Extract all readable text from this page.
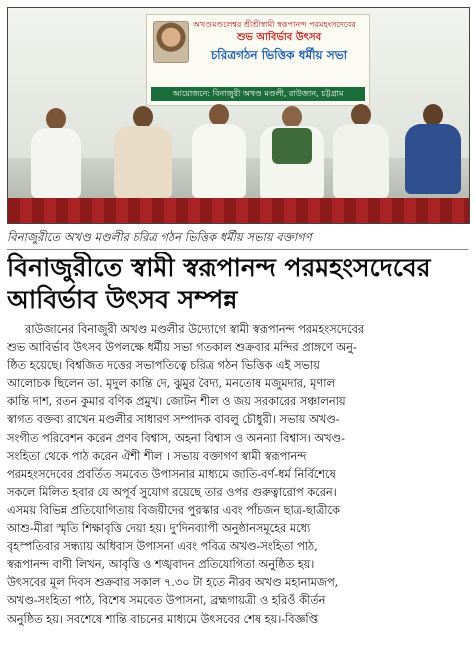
অখণ্ডমণ্ডলেশ্বর শ্রীশ্রীস্বামী স্বরূপানন্দ পরমহংসদেবের
শুভ আবির্ভাব উৎসব
চরিত্রগঠন ভিত্তিক ধর্মীয় সভা
আয়োজনে: বিনাজুরী অখণ্ড মণ্ডলী, রাউজান, চট্টগ্রাম
বিনাজুরীতে অখণ্ড মণ্ডলীর চরিত্র গঠন ভিত্তিক ধর্মীয় সভায় বক্তাগণ
বিনাজুরীতে স্বামী স্বরূপানন্দ পরমহংসদেবের
আবির্ভাব উৎসব সম্পন্ন
রাউজানের বিনাজুরী অখণ্ড মণ্ডলীর উদ্যোগে স্বামী স্বরূপানন্দ পরমহংসদেবের
শুভ আবির্ভাব উৎসব উপলক্ষে ধর্মীয় সভা গতকাল শুক্রবার মন্দির প্রাঙ্গণে অনু-
ষ্ঠিত হয়েছে। বিশ্বজিত দত্তের সভাপতিত্বে চরিত্র গঠন ভিত্তিক এই সভায়
আলোচক ছিলেন ডা. মৃদুল কান্তি দে, ঝুমুর বৈদ্য, মনতোষ মজুমদার, মৃণাল
কান্তি দাশ, রতন কুমার বণিক প্রমুখ। জোটন শীল ও জয় সরকারের সঞ্চালনায়
স্বাগত বক্তব্য রাখেন মণ্ডলীর সাধারণ সম্পাদক বাবলু চৌধুরী। সভায় অখণ্ড-
সংগীত পরিবেশন করেন প্রণব বিশ্বাস, অহনা বিশ্বাস ও অনন্যা বিশ্বাস। অখণ্ড-
সংহিতা থেকে পাঠ করেন ঐশী শীল । সভায় বক্তাগণ স্বামী স্বরূপানন্দ
পরমহংসদেবের প্রবর্তিত সমবেত উপাসনার মাধ্যমে জাতি-বর্ণ-ধর্ম নির্বিশেষে
সকলে মিলিত হবার যে অপূর্ব সুযোগ রয়েছে তার ওপর গুরুত্বারোপ করেন।
এসময় বিভিন্ন প্রতিযোগিতায় বিজয়ীদের পুরস্কার এবং পাঁচজন ছাত্র-ছাত্রীকে
আশু-মীরা স্মৃতি শিক্ষাবৃত্তি দেয়া হয়। দু'দিনব্যাপী অনুষ্ঠানসমূহের মধ্যে
বৃহস্পতিবার সন্ধ্যায় অধিবাস উপাসনা এবং পবিত্র অখণ্ড-সংহিতা পাঠ,
স্বরূপানন্দ বাণী লিখন, আবৃত্তি ও শঙ্খবাদন প্রতিযোগিতা অনুষ্ঠিত হয়।
উৎসবের মূল দিবস শুক্রবার সকাল ৭.৩০ টা হতে নীরব অখণ্ড মহানামজপ,
অখণ্ড-সংহিতা পাঠ, বিশেষ সমবেত উপাসনা, ব্রহ্মগায়ত্রী ও হরিওঁ কীর্তন
অনুষ্ঠিত হয়। সবশেষে শান্তি বাচনের মাধ্যমে উৎসবের শেষ হয়।-বিজ্ঞপ্তি
